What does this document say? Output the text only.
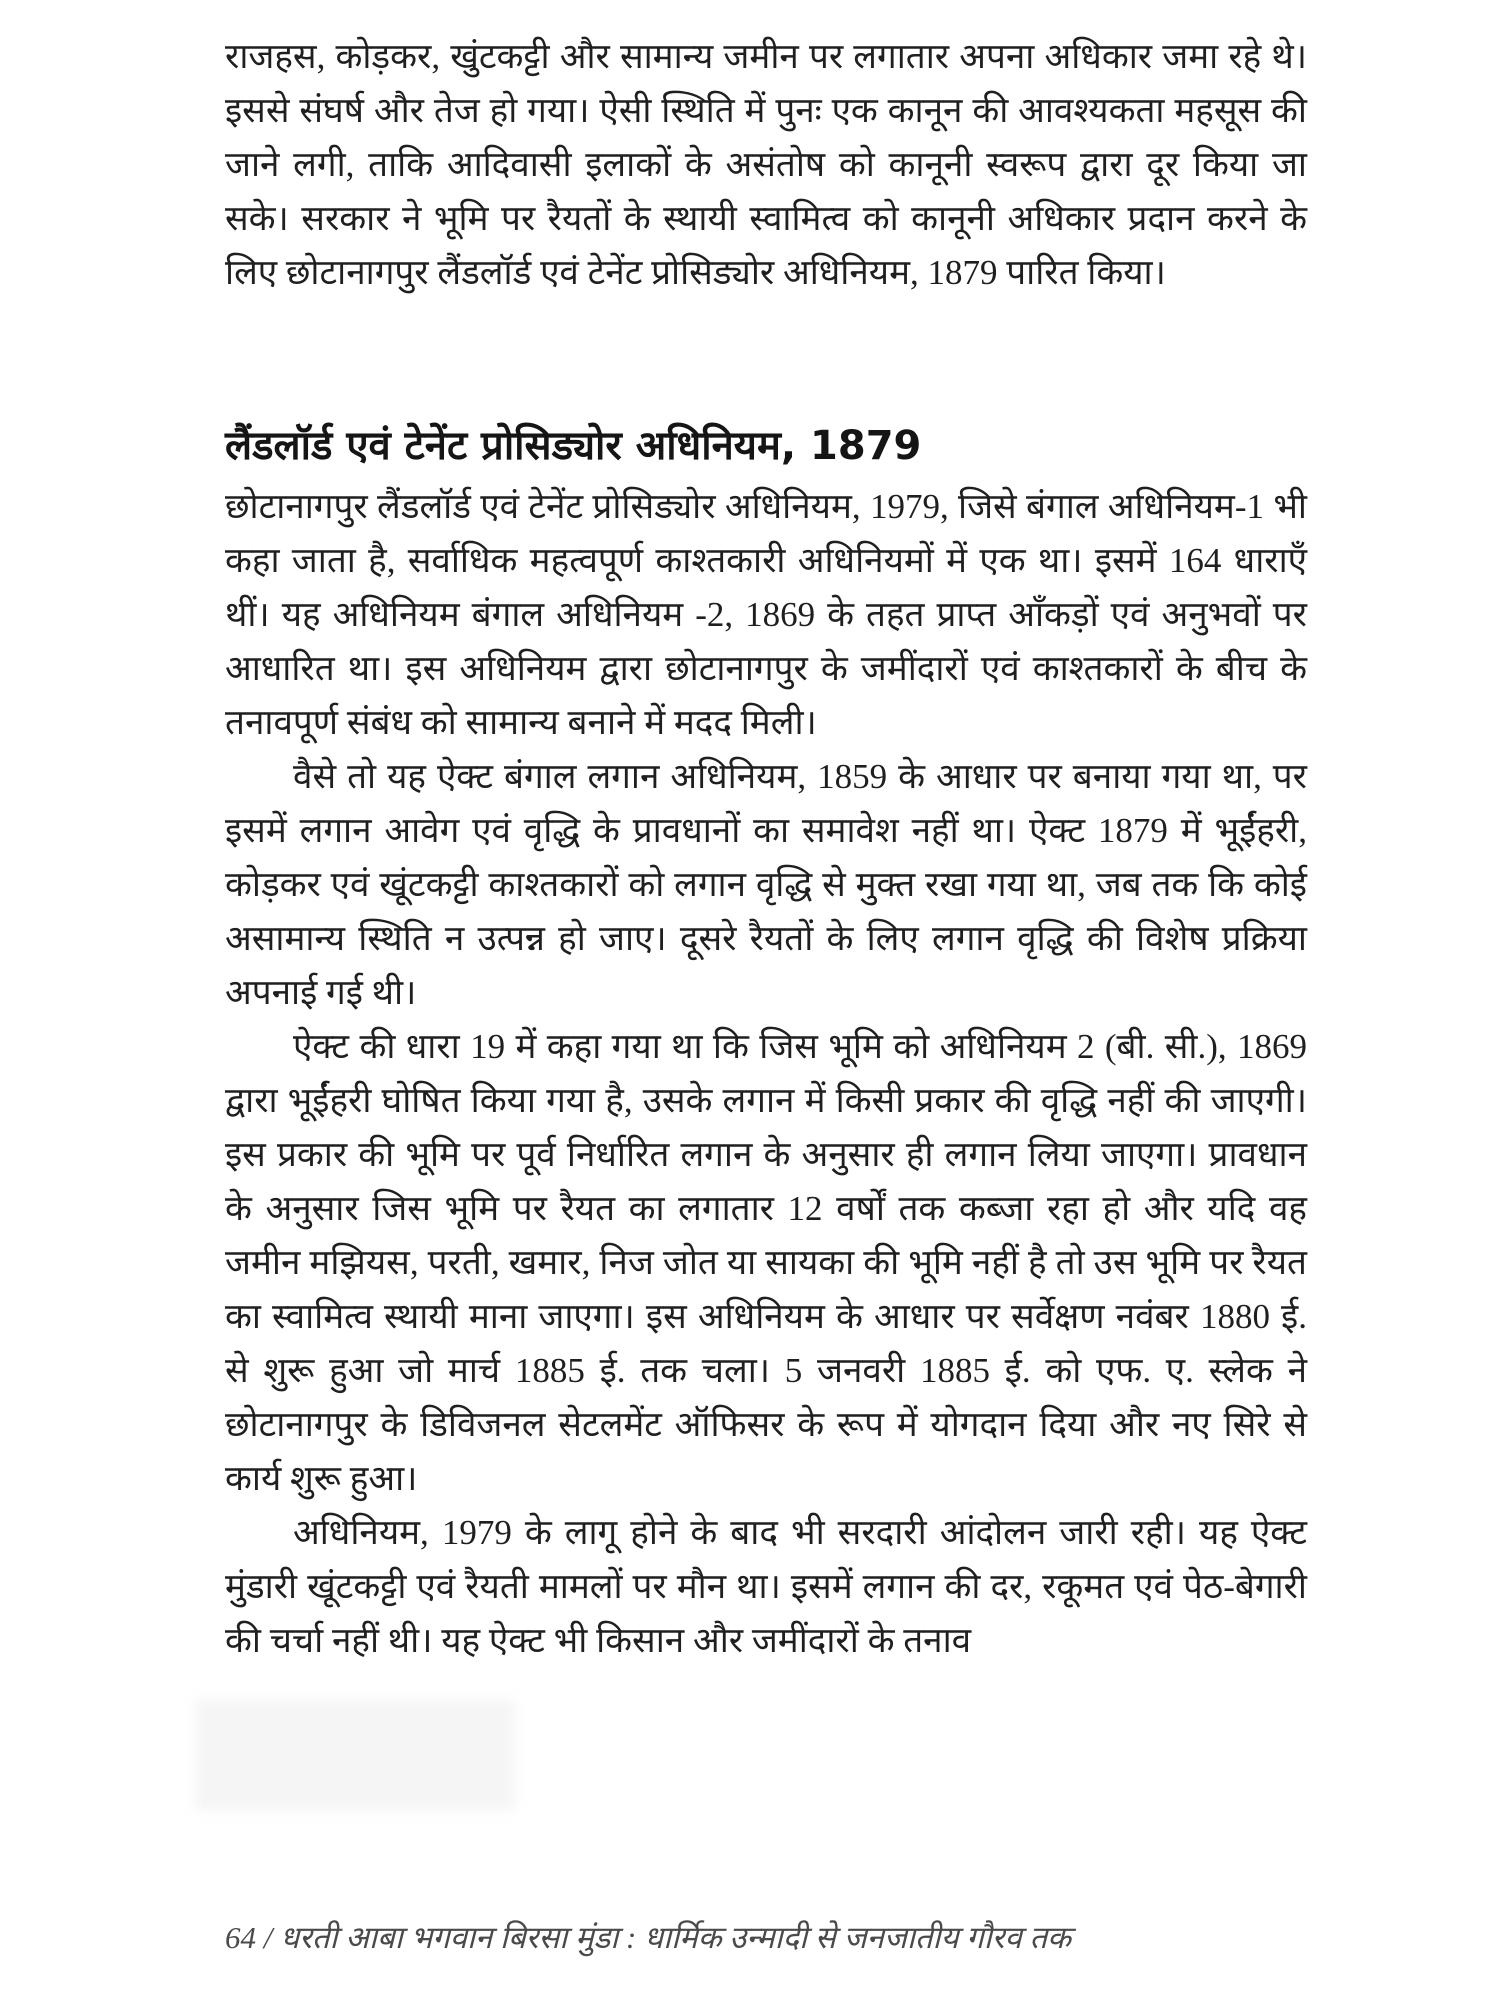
राजहस, कोड़कर, खुंटकट्टी और सामान्य जमीन पर लगातार अपना अधिकार जमा रहे थे। इससे संघर्ष और तेज हो गया। ऐसी स्थिति में पुनः एक कानून की आवश्यकता महसूस की जाने लगी, ताकि आदिवासी इलाकों के असंतोष को कानूनी स्वरूप द्वारा दूर किया जा सके। सरकार ने भूमि पर रैयतों के स्थायी स्वामित्व को कानूनी अधिकार प्रदान करने के लिए छोटानागपुर लैंडलॉर्ड एवं टेनेंट प्रोसिड्योर अधिनियम, 1879 पारित किया।

लैंडलॉर्ड एवं टेनेंट प्रोसिड्योर अधिनियम, 1879

छोटानागपुर लैंडलॉर्ड एवं टेनेंट प्रोसिड्योर अधिनियम, 1979, जिसे बंगाल अधिनियम-1 भी कहा जाता है, सर्वाधिक महत्वपूर्ण काश्तकारी अधिनियमों में एक था। इसमें 164 धाराएँ थीं। यह अधिनियम बंगाल अधिनियम -2, 1869 के तहत प्राप्त आँकड़ों एवं अनुभवों पर आधारित था। इस अधिनियम द्वारा छोटानागपुर के जमींदारों एवं काश्तकारों के बीच के तनावपूर्ण संबंध को सामान्य बनाने में मदद मिली।

वैसे तो यह ऐक्ट बंगाल लगान अधिनियम, 1859 के आधार पर बनाया गया था, पर इसमें लगान आवेग एवं वृद्धि के प्रावधानों का समावेश नहीं था। ऐक्ट 1879 में भूईंहरी, कोड़कर एवं खूंटकट्टी काश्तकारों को लगान वृद्धि से मुक्त रखा गया था, जब तक कि कोई असामान्य स्थिति न उत्पन्न हो जाए। दूसरे रैयतों के लिए लगान वृद्धि की विशेष प्रक्रिया अपनाई गई थी।

ऐक्ट की धारा 19 में कहा गया था कि जिस भूमि को अधिनियम 2 (बी. सी.), 1869 द्वारा भूईंहरी घोषित किया गया है, उसके लगान में किसी प्रकार की वृद्धि नहीं की जाएगी। इस प्रकार की भूमि पर पूर्व निर्धारित लगान के अनुसार ही लगान लिया जाएगा। प्रावधान के अनुसार जिस भूमि पर रैयत का लगातार 12 वर्षों तक कब्जा रहा हो और यदि वह जमीन मझियस, परती, खमार, निज जोत या सायका की भूमि नहीं है तो उस भूमि पर रैयत का स्वामित्व स्थायी माना जाएगा। इस अधिनियम के आधार पर सर्वेक्षण नवंबर 1880 ई. से शुरू हुआ जो मार्च 1885 ई. तक चला। 5 जनवरी 1885 ई. को एफ. ए. स्लेक ने छोटानागपुर के डिविजनल सेटलमेंट ऑफिसर के रूप में योगदान दिया और नए सिरे से कार्य शुरू हुआ।

अधिनियम, 1979 के लागू होने के बाद भी सरदारी आंदोलन जारी रही। यह ऐक्ट मुंडारी खूंटकट्टी एवं रैयती मामलों पर मौन था। इसमें लगान की दर, रकूमत एवं पेठ-बेगारी की चर्चा नहीं थी। यह ऐक्ट भी किसान और जमींदारों के तनाव

64 / धरती आबा भगवान बिरसा मुंडा : धार्मिक उन्मादी से जनजातीय गौरव तक
